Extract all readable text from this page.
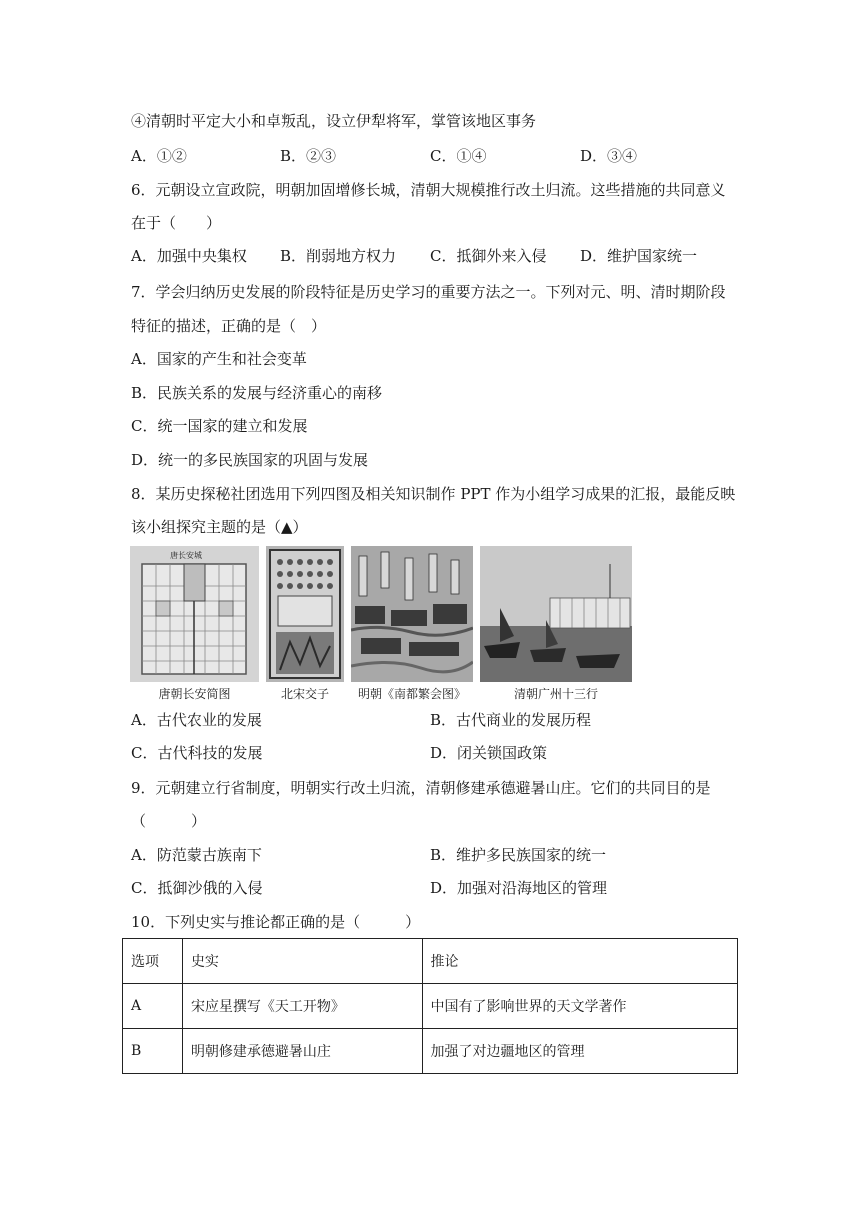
④清朝时平定大小和卓叛乱，设立伊犁将军，掌管该地区事务
A．①②	B．②③	C．①④	D．③④
6．元朝设立宣政院，明朝加固增修长城，清朝大规模推行改土归流。这些措施的共同意义
在于（　　）
A．加强中央集权 B．削弱地方权力 C．抵御外来入侵 D．维护国家统一
7．学会归纳历史发展的阶段特征是历史学习的重要方法之一。下列对元、明、清时期阶段
特征的描述，正确的是（　）
A．国家的产生和社会变革
B．民族关系的发展与经济重心的南移
C．统一国家的建立和发展
D．统一的多民族国家的巩固与发展
8．某历史探秘社团选用下列四图及相关知识制作 PPT 作为小组学习成果的汇报，最能反映
该小组探究主题的是（▲）
唐长安城
唐朝长安简图	北宋交子	明朝《南都繁会图》	清朝广州十三行
A．古代农业的发展	B．古代商业的发展历程
C．古代科技的发展	D．闭关锁国政策
9．元朝建立行省制度，明朝实行改土归流，清朝修建承德避暑山庄。它们的共同目的是
（　　　）
A．防范蒙古族南下	B．维护多民族国家的统一
C．抵御沙俄的入侵	D．加强对沿海地区的管理
10．下列史实与推论都正确的是（　　　）
选项	史实	推论
A	宋应星撰写《天工开物》	中国有了影响世界的天文学著作
B	明朝修建承德避暑山庄	加强了对边疆地区的管理
